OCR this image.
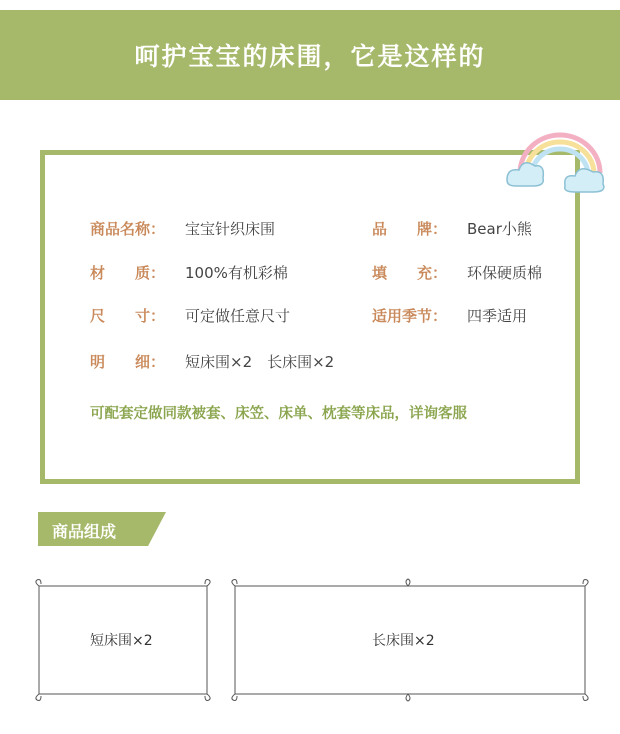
呵护宝宝的床围，它是这样的
商品名称：	宝宝针织床围	品　　牌：	Bear小熊
材　　质：	100%有机彩棉	填　　充：	环保硬质棉
尺　　寸：	可定做任意尺寸	适用季节：	四季适用
明　　细：	短床围×2　长床围×2
可配套定做同款被套、床笠、床单、枕套等床品，详询客服
商品组成
短床围×2	长床围×2
